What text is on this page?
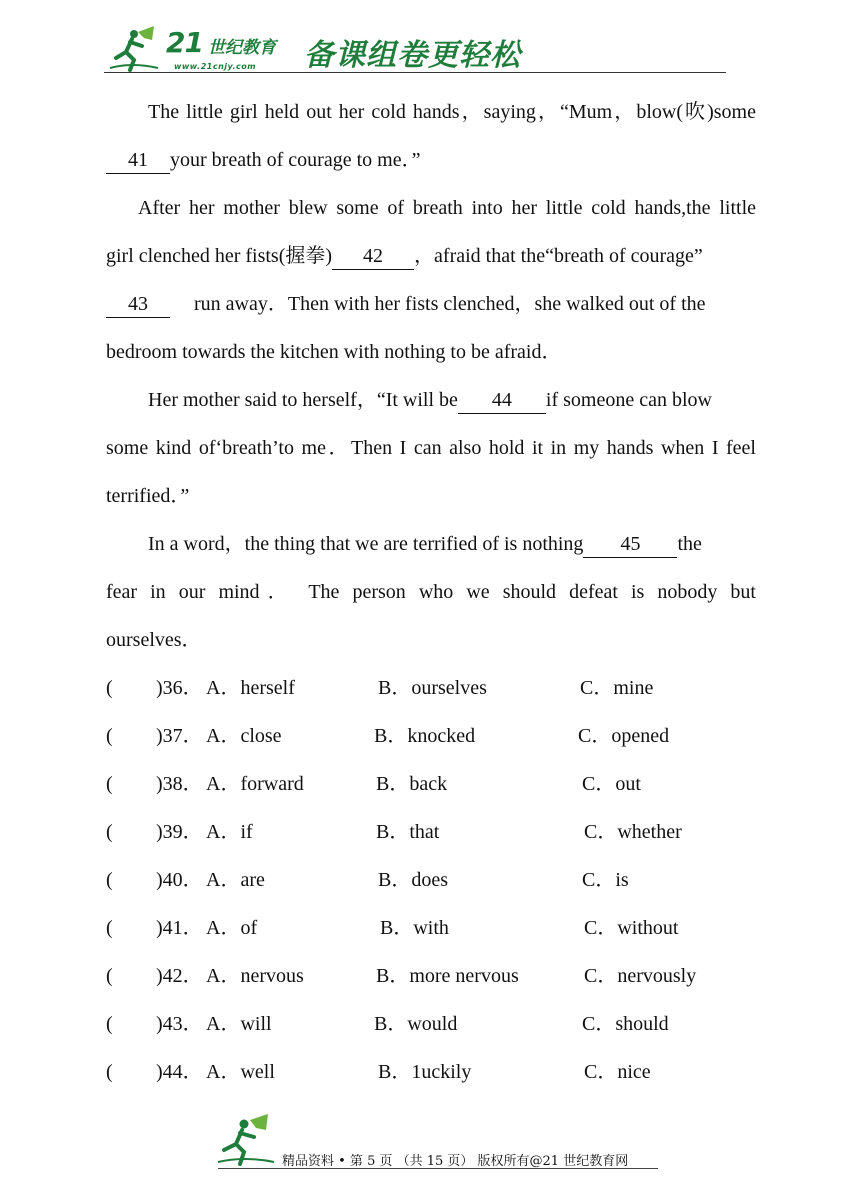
21 世纪教育
www.21cnjy.com 备课组卷更轻松
The little girl held out her cold hands，saying，“Mum，blow(吹)some
41 your breath of courage to me．”
After her mother blew some of breath into her little cold hands,the little
girl clenched her fists(握拳) 42 ，afraid that the“breath of courage”
43 run away．Then with her fists clenched，she walked out of the
bedroom towards the kitchen with nothing to be afraid．
Her mother said to herself，“It will be 44 if someone can blow
some kind of‘breath’to me．Then I can also hold it in my hands when I feel
terrified．”
In a word，the thing that we are terrified of is nothing 45 the
fear in our mind． The person who we should defeat is nobody but
ourselves．
( )36． A．herself	B．ourselves	C．mine
( )37． A．close	B．knocked	C．opened
( )38． A．forward	B．back	C．out
( )39． A．if	B．that	C．whether
( )40． A．are	B．does	C．is
( )41． A．of	B．with	C．without
( )42． A．nervous	B．more nervous	C．nervously
( )43． A．will	B．would	C．should
( )44． A．well	B．1uckily	C．nice
精品资料 • 第 5 页 （共 15 页） 版权所有@21 世纪教育网
